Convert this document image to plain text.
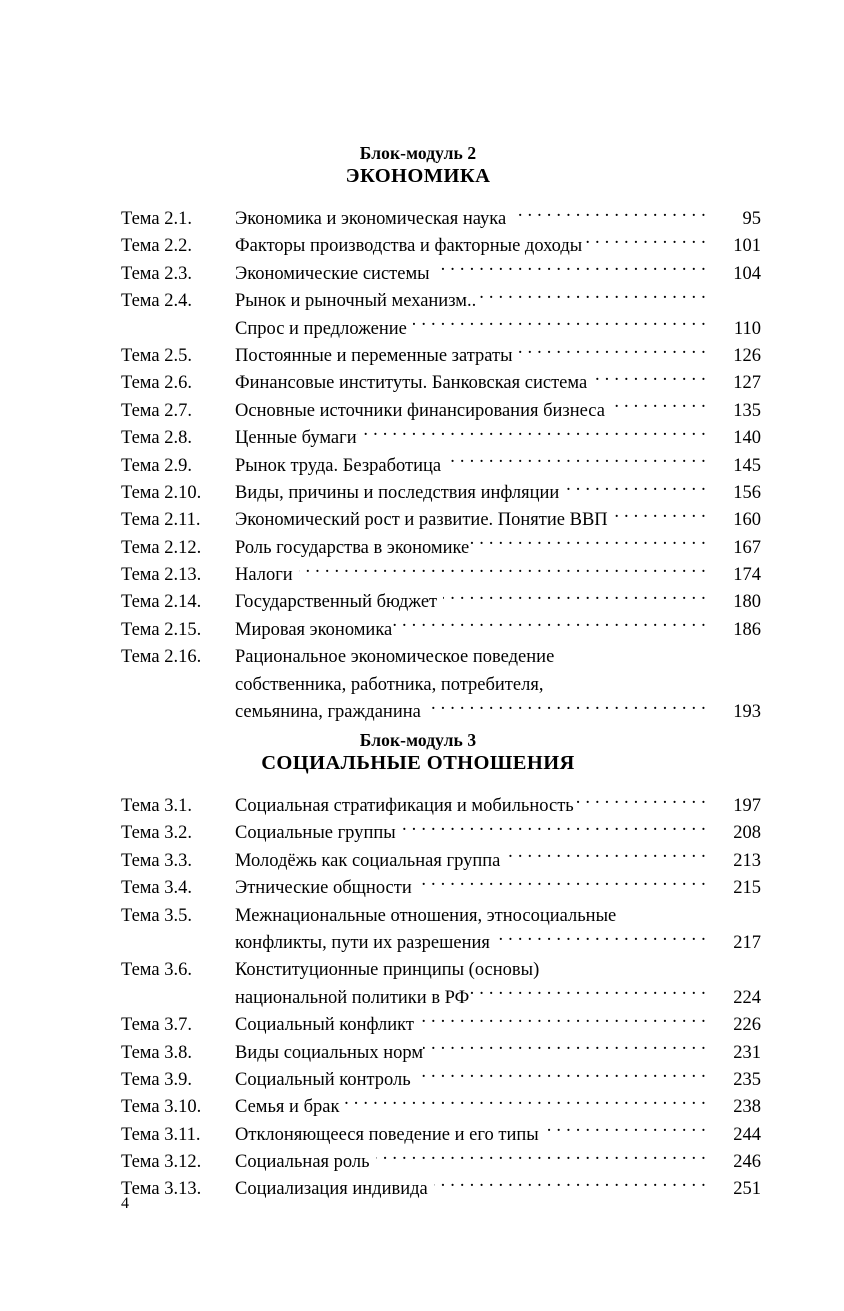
Блок-модуль 2
ЭКОНОМИКА
Тема 2.1.	Экономика и экономическая наука . . .	95
Тема 2.2.	Факторы производства и факторные доходы . . .	101
Тема 2.3.	Экономические системы . . .	104
Тема 2.4.	Рынок и рыночный механизм..
. . .
Спрос и предложение . . .	110
Тема 2.5.	Постоянные и переменные затраты . . .	126
Тема 2.6.	Финансовые институты. Банковская система . . .	127
Тема 2.7.	Основные источники финансирования бизнеса . . .	135
Тема 2.8.	Ценные бумаги . . .	140
Тема 2.9.	Рынок труда. Безработица . . .	145
Тема 2.10.	Виды, причины и последствия инфляции . . .	156
Тема 2.11.	Экономический рост и развитие. Понятие ВВП . . .	160
Тема 2.12.	Роль государства в экономике . . .	167
Тема 2.13.	Налоги . . .	174
Тема 2.14.	Государственный бюджет . . .	180
Тема 2.15.	Мировая экономика . . .	186
Тема 2.16.	Рациональное экономическое поведение
собственника, работника, потребителя,
семьянина, гражданина . . .	193
Блок-модуль 3
СОЦИАЛЬНЫЕ ОТНОШЕНИЯ
Тема 3.1.	Социальная стратификация и мобильность . . .	197
Тема 3.2.	Социальные группы . . .	208
Тема 3.3.	Молодёжь как социальная группа . . .	213
Тема 3.4.	Этнические общности . . .	215
Тема 3.5.	Межнациональные отношения, этносоциальные
конфликты, пути их разрешения . . .	217
Тема 3.6.	Конституционные принципы (основы)
национальной политики в РФ . . .	224
Тема 3.7.	Социальный конфликт . . .	226
Тема 3.8.	Виды социальных норм . . .	231
Тема 3.9.	Социальный контроль . . .	235
Тема 3.10.	Семья и брак . . .	238
Тема 3.11.	Отклоняющееся поведение и его типы . . .	244
Тема 3.12.	Социальная роль . . .	246
Тема 3.13.	Социализация индивида . . .	251
4
